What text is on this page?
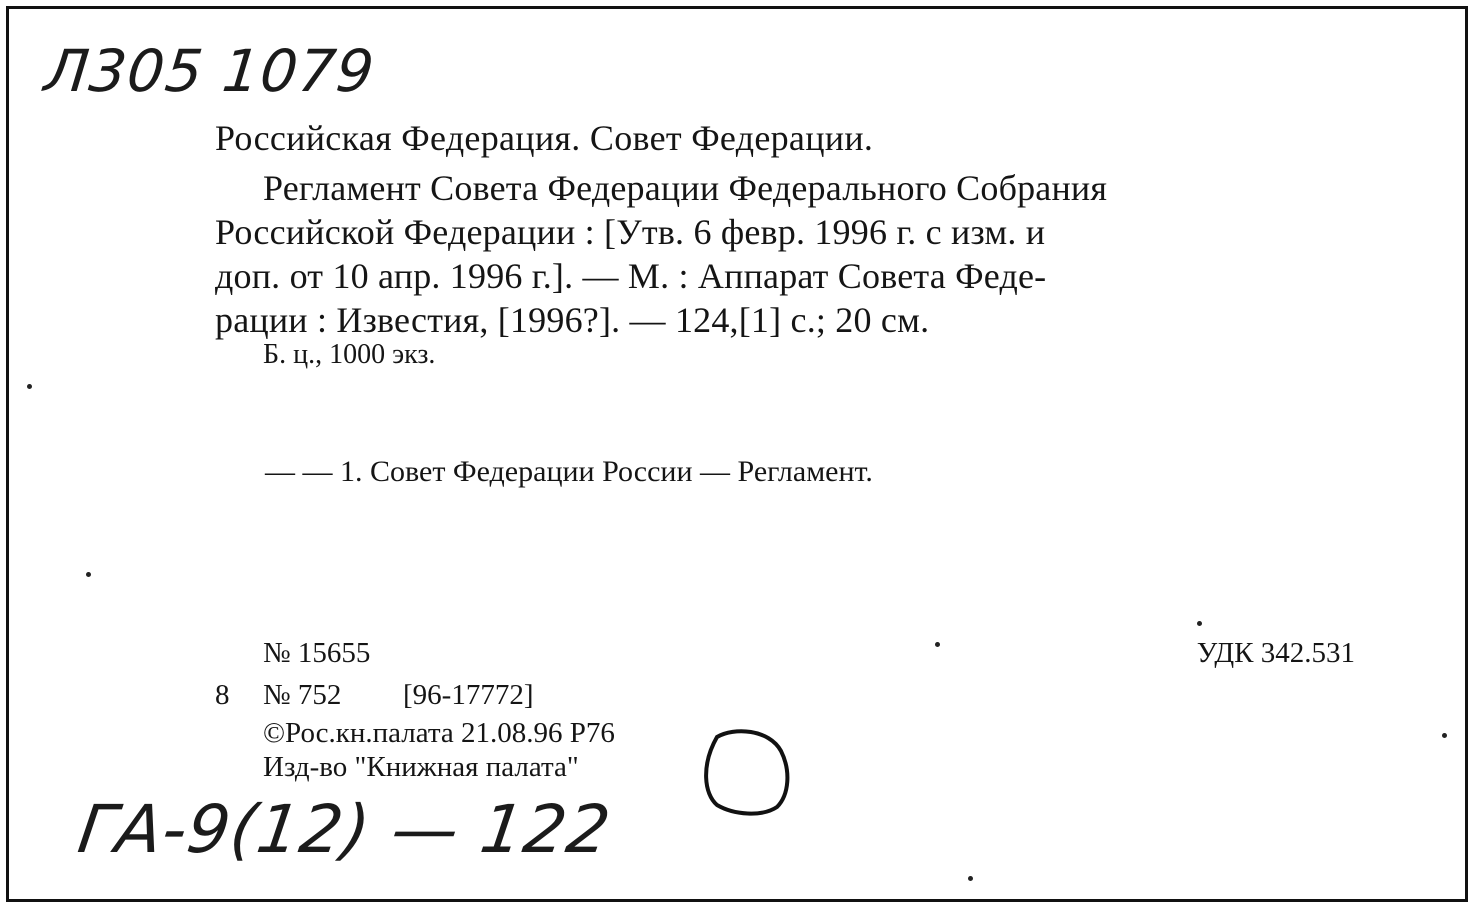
Л305 1079
Российская Федерация. Совет Федерации.
Регламент Совета Федерации Федерального Собрания
Российской Федерации : [Утв. 6 февр. 1996 г. с изм. и
доп. от 10 апр. 1996 г.]. — М. : Аппарат Совета Феде-
рации : Известия, [1996?]. — 124,[1] с.; 20 см.
Б. ц., 1000 экз.
— — 1. Совет Федерации России — Регламент.
№ 15655	УДК 342.531
8 № 752 [96-17772]
©Рос.кн.палата 21.08.96 Р76
Изд-во "Книжная палата"
ГА-9(12) — 122
